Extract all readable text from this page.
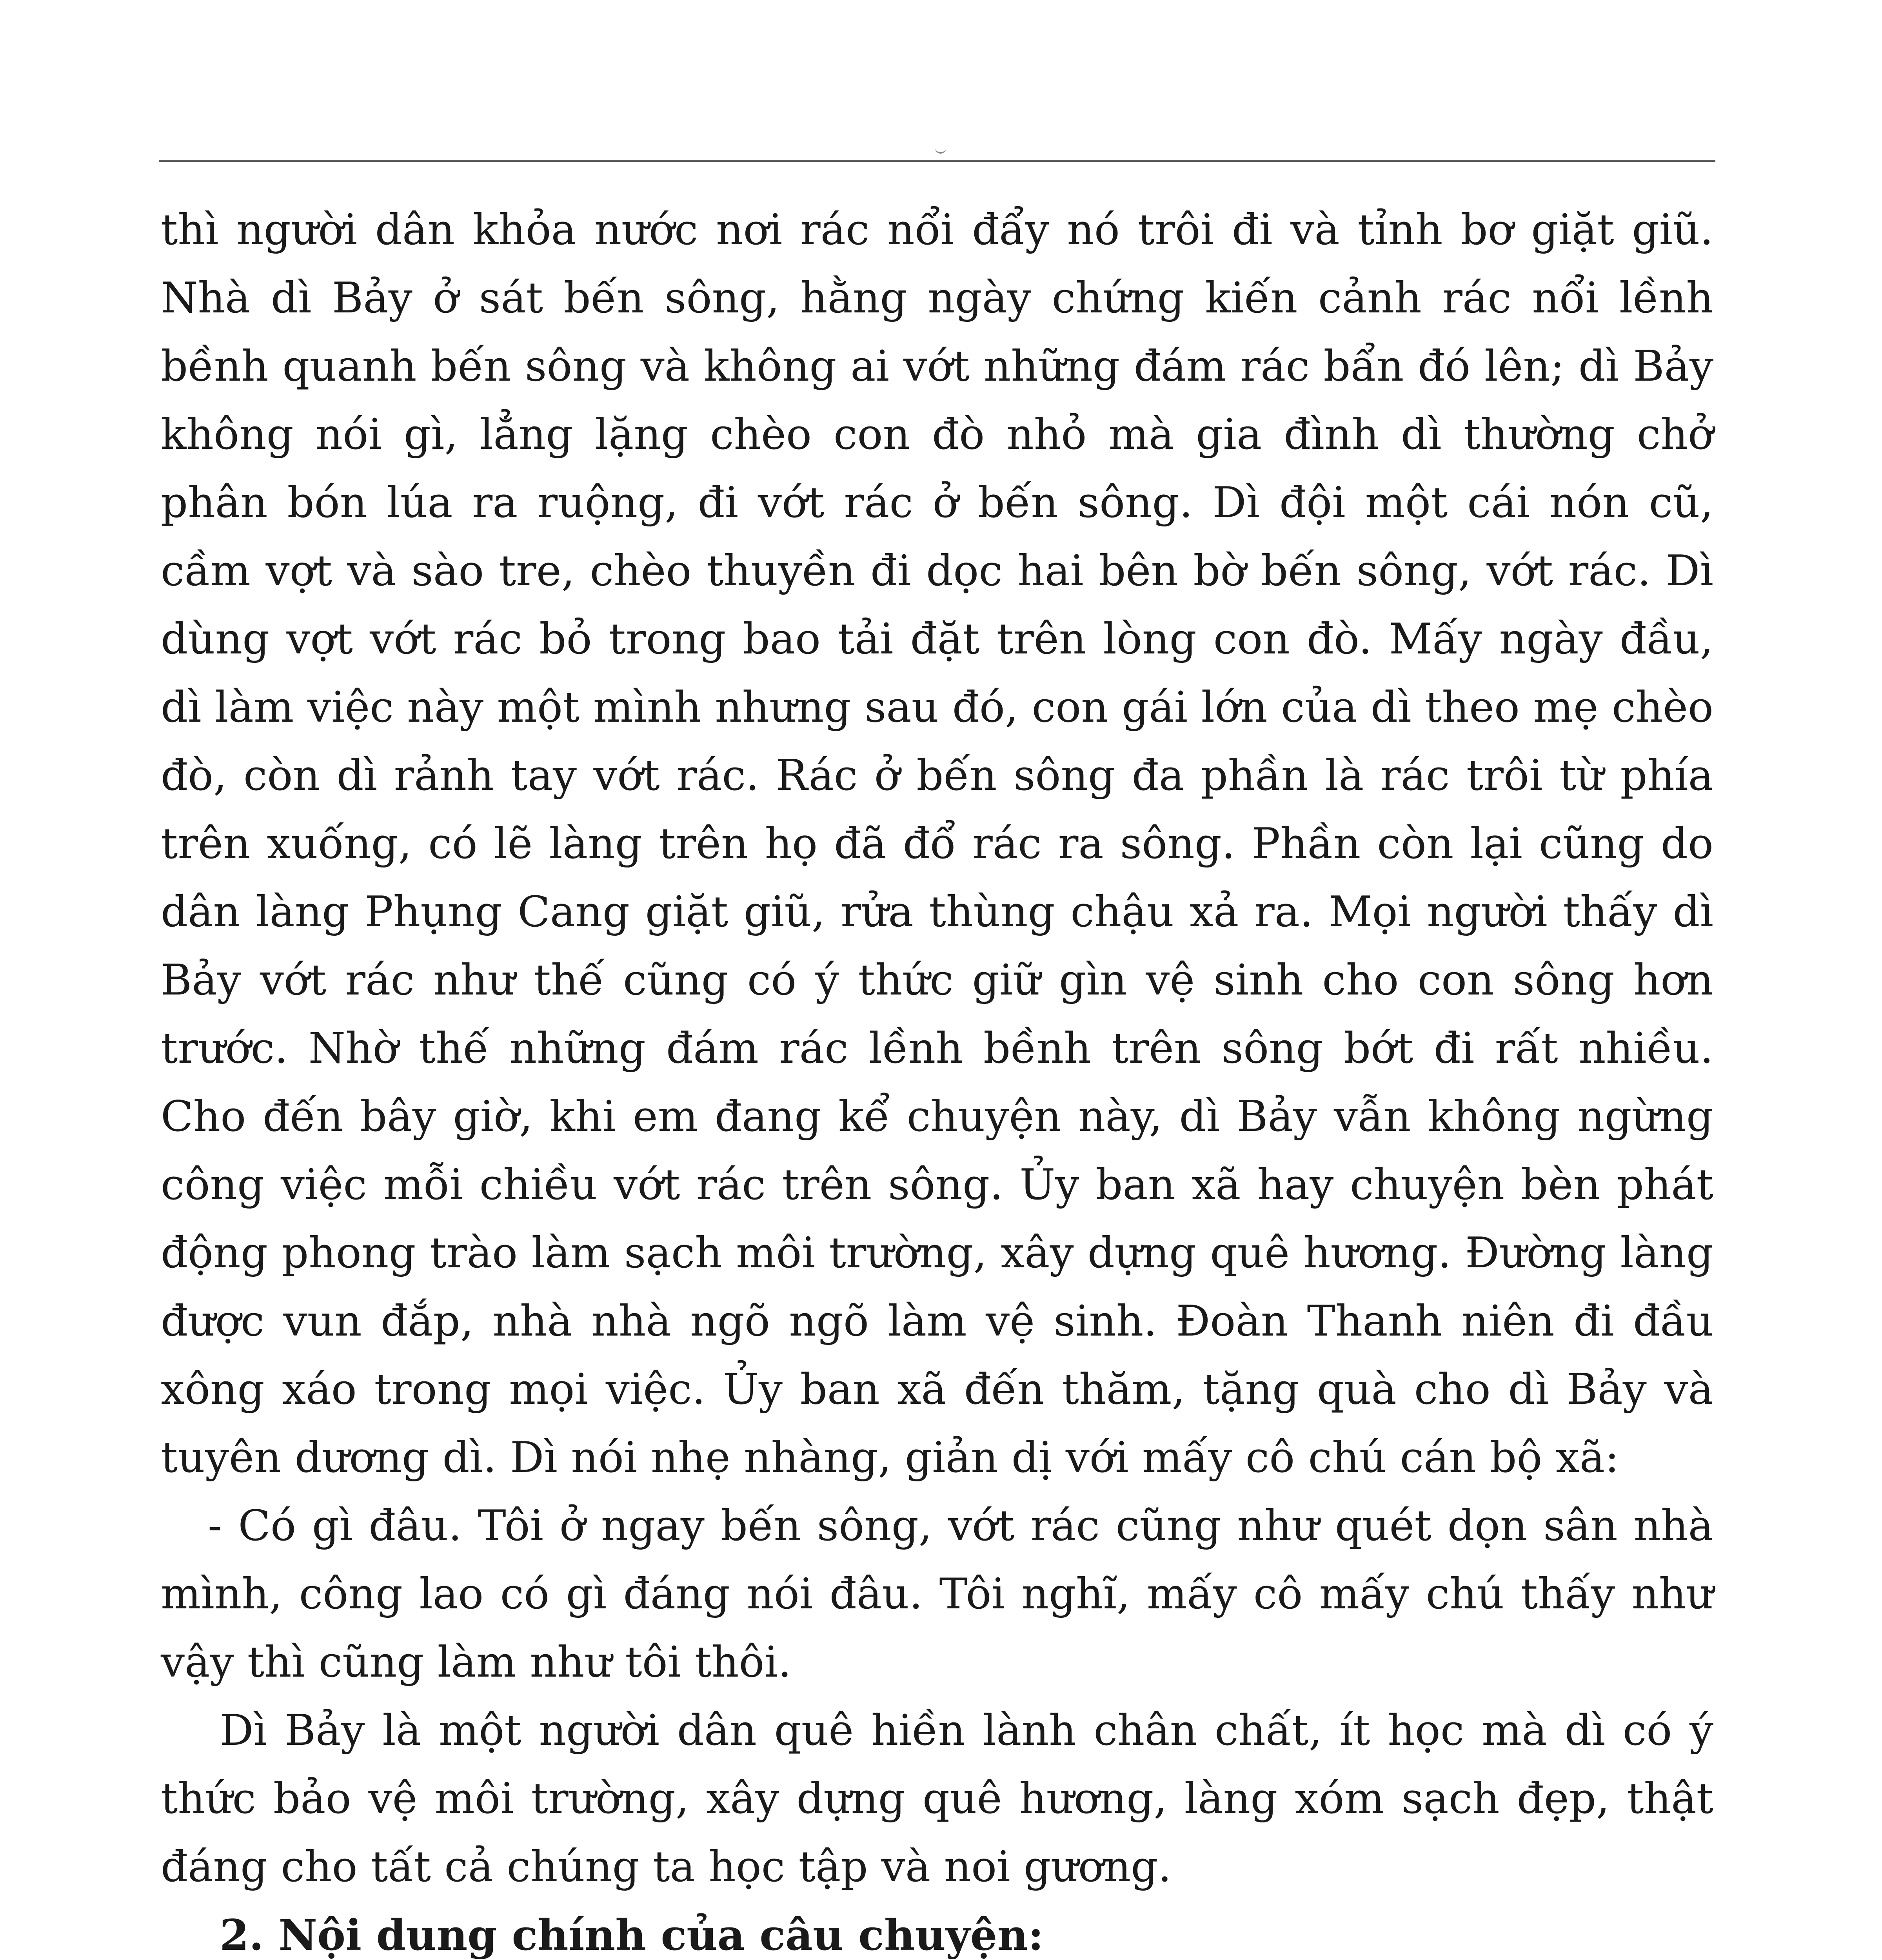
thì người dân khỏa nước nơi rác nổi đẩy nó trôi đi và tỉnh bơ giặt giũ. Nhà dì Bảy ở sát bến sông, hằng ngày chứng kiến cảnh rác nổi lềnh bềnh quanh bến sông và không ai vớt những đám rác bẩn đó lên; dì Bảy không nói gì, lẳng lặng chèo con đò nhỏ mà gia đình dì thường chở phân bón lúa ra ruộng, đi vớt rác ở bến sông. Dì đội một cái nón cũ, cầm vợt và sào tre, chèo thuyền đi dọc hai bên bờ bến sông, vớt rác. Dì dùng vợt vớt rác bỏ trong bao tải đặt trên lòng con đò. Mấy ngày đầu, dì làm việc này một mình nhưng sau đó, con gái lớn của dì theo mẹ chèo đò, còn dì rảnh tay vớt rác. Rác ở bến sông đa phần là rác trôi từ phía trên xuống, có lẽ làng trên họ đã đổ rác ra sông. Phần còn lại cũng do dân làng Phụng Cang giặt giũ, rửa thùng chậu xả ra. Mọi người thấy dì Bảy vớt rác như thế cũng có ý thức giữ gìn vệ sinh cho con sông hơn trước. Nhờ thế những đám rác lềnh bềnh trên sông bớt đi rất nhiều. Cho đến bây giờ, khi em đang kể chuyện này, dì Bảy vẫn không ngừng công việc mỗi chiều vớt rác trên sông. Ủy ban xã hay chuyện bèn phát động phong trào làm sạch môi trường, xây dựng quê hương. Đường làng được vun đắp, nhà nhà ngõ ngõ làm vệ sinh. Đoàn Thanh niên đi đầu xông xáo trong mọi việc. Ủy ban xã đến thăm, tặng quà cho dì Bảy và tuyên dương dì. Dì nói nhẹ nhàng, giản dị với mấy cô chú cán bộ xã:

- Có gì đâu. Tôi ở ngay bến sông, vớt rác cũng như quét dọn sân nhà mình, công lao có gì đáng nói đâu. Tôi nghĩ, mấy cô mấy chú thấy như vậy thì cũng làm như tôi thôi.

Dì Bảy là một người dân quê hiền lành chân chất, ít học mà dì có ý thức bảo vệ môi trường, xây dựng quê hương, làng xóm sạch đẹp, thật đáng cho tất cả chúng ta học tập và noi gương.

2. Nội dung chính của câu chuyện:
